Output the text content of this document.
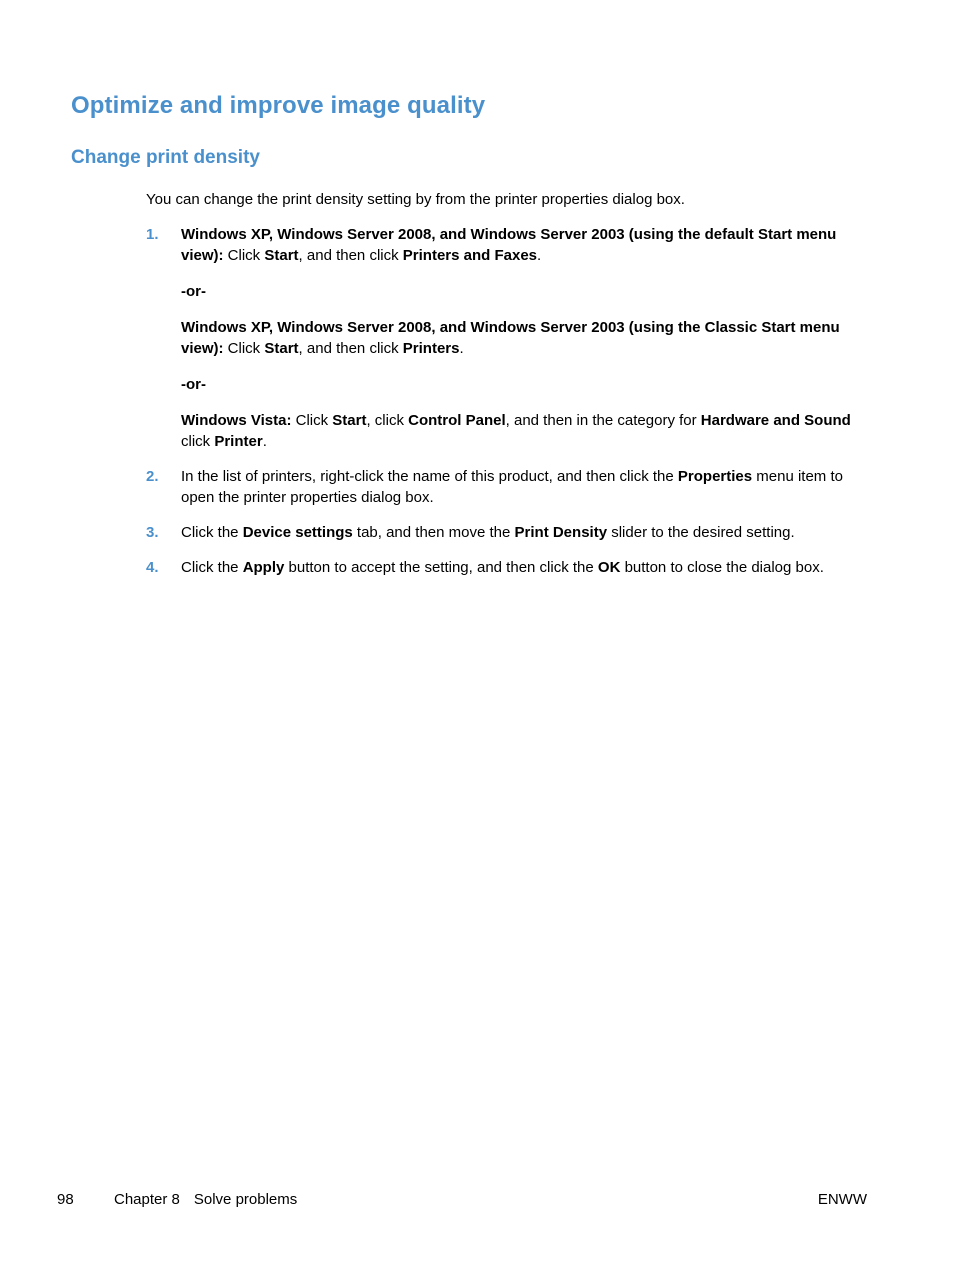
Optimize and improve image quality
Change print density

You can change the print density setting by from the printer properties dialog box.

1. Windows XP, Windows Server 2008, and Windows Server 2003 (using the default Start menu view): Click Start, and then click Printers and Faxes.

-or-

Windows XP, Windows Server 2008, and Windows Server 2003 (using the Classic Start menu view): Click Start, and then click Printers.

-or-

Windows Vista: Click Start, click Control Panel, and then in the category for Hardware and Sound click Printer.

2. In the list of printers, right-click the name of this product, and then click the Properties menu item to open the printer properties dialog box.

3. Click the Device settings tab, and then move the Print Density slider to the desired setting.

4. Click the Apply button to accept the setting, and then click the OK button to close the dialog box.

98	Chapter 8 Solve problems	ENWW
